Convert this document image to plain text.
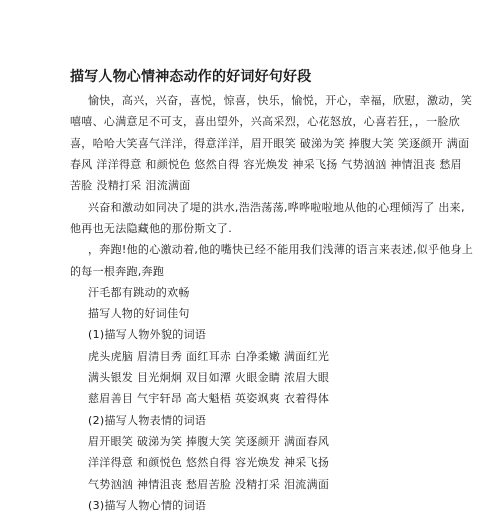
描写人物心情神态动作的好词好句好段
愉快，高兴，兴奋，喜悦，惊喜，快乐，愉悦，开心，幸福，欣慰，激动，笑
嘻嘻、心满意足不可支，喜出望外，兴高采烈，心花怒放，心喜若狂，，一脸欣
喜，哈哈大笑喜气洋洋，得意洋洋，眉开眼笑 破涕为笑 捧腹大笑 笑逐颜开 满面
春风 洋洋得意 和颜悦色 悠然自得 容光焕发 神采飞扬 气势汹汹 神情沮丧 愁眉
苦脸 没精打采 泪流满面
兴奋和激动如同决了堤的洪水,浩浩荡荡,哗哗啦啦地从他的心理倾泻了 出来,
他再也无法隐藏他的那份斯文了.
，奔跑!他的心激动着,他的嘴快已经不能用我们浅薄的语言来表述,似乎他身上
的每一根奔跑,奔跑
汗毛都有跳动的欢畅
描写人物的好词佳句
(1)描写人物外貌的词语
虎头虎脑 眉清目秀 面红耳赤 白净柔嫩 满面红光
满头银发 目光炯炯 双目如潭 火眼金睛 浓眉大眼
慈眉善目 气宇轩昂 高大魁梧 英姿飒爽 衣着得体
(2)描写人物表情的词语
眉开眼笑 破涕为笑 捧腹大笑 笑逐颜开 满面春风
洋洋得意 和颜悦色 悠然自得 容光焕发 神采飞扬
气势汹汹 神情沮丧 愁眉苦脸 没精打采 泪流满面
(3)描写人物心情的词语
